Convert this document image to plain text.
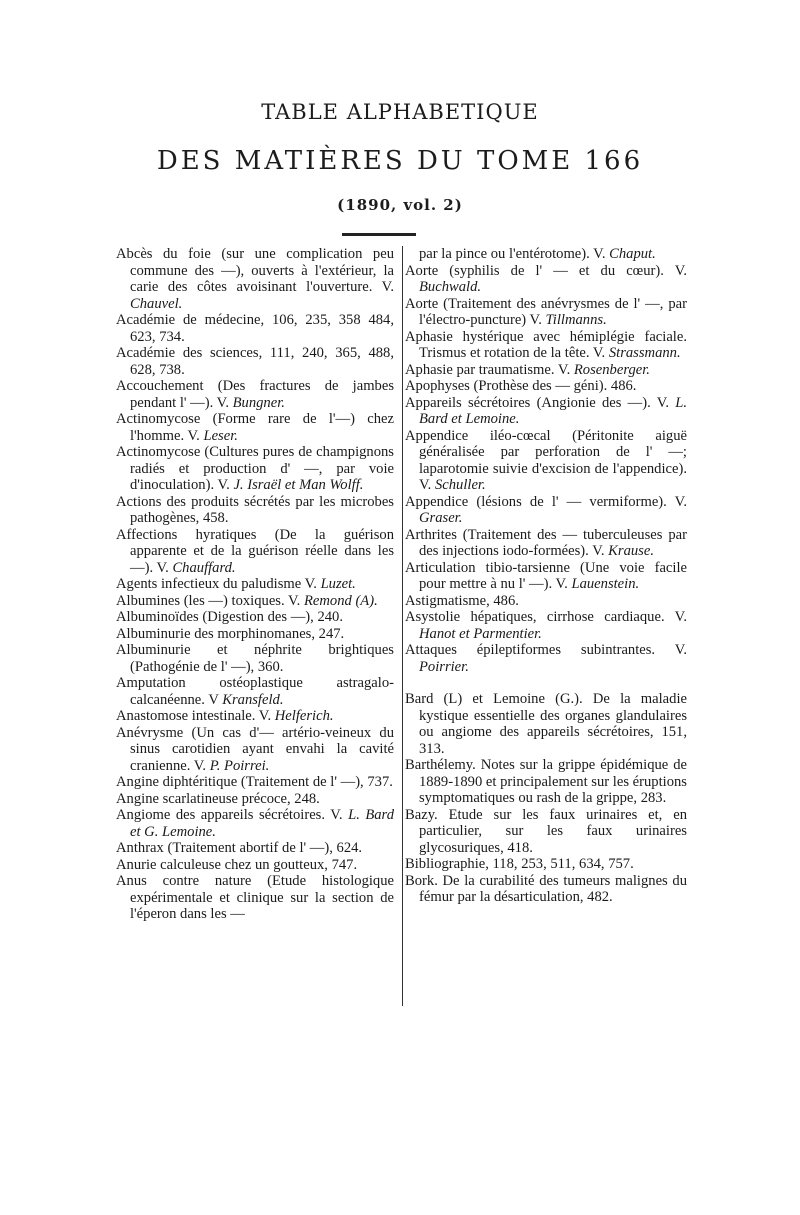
TABLE ALPHABETIQUE
DES MATIÈRES DU TOME 166
(1890, vol. 2)

Abcès du foie (sur une complication peu commune des —), ouverts à l'extérieur, la carie des côtes avoisinant l'ouverture. V. Chauvel.

Académie de médecine, 106, 235, 358 484, 623, 734.

Académie des sciences, 111, 240, 365, 488, 628, 738.

Accouchement (Des fractures de jambes pendant l' —). V. Bungner.

Actinomycose (Forme rare de l'—) chez l'homme. V. Leser.

Actinomycose (Cultures pures de champignons radiés et production d' —, par voie d'inoculation). V. J. Israël et Man Wolff.

Actions des produits sécrétés par les microbes pathogènes, 458.

Affections hyratiques (De la guérison apparente et de la guérison réelle dans les —). V. Chauffard.

Agents infectieux du paludisme V. Luzet.

Albumines (les —) toxiques. V. Remond (A).

Albuminoïdes (Digestion des —), 240.

Albuminurie des morphinomanes, 247.

Albuminurie et néphrite brightiques (Pathogénie de l' —), 360.

Amputation ostéoplastique astragalo-calcanéenne. V Kransfeld.

Anastomose intestinale. V. Helferich.

Anévrysme (Un cas d'— artério-veineux du sinus carotidien ayant envahi la cavité cranienne. V. P. Poirrei.

Angine diphtéritique (Traitement de l' —), 737.

Angine scarlatineuse précoce, 248.

Angiome des appareils sécrétoires. V. L. Bard et G. Lemoine.

Anthrax (Traitement abortif de l' —), 624.

Anurie calculeuse chez un goutteux, 747.

Anus contre nature (Etude histologique expérimentale et clinique sur la section de l'éperon dans les —

par la pince ou l'entérotome). V. Chaput.

Aorte (syphilis de l' — et du cœur). V. Buchwald.

Aorte (Traitement des anévrysmes de l' —, par l'électro-puncture) V. Tillmanns.

Aphasie hystérique avec hémiplégie faciale. Trismus et rotation de la tête. V. Strassmann.

Aphasie par traumatisme. V. Rosenberger.

Apophyses (Prothèse des — géni). 486.

Appareils sécrétoires (Angionie des —). V. L. Bard et Lemoine.

Appendice iléo-cœcal (Péritonite aiguë généralisée par perforation de l' —; laparotomie suivie d'excision de l'appendice). V. Schuller.

Appendice (lésions de l' — vermiforme). V. Graser.

Arthrites (Traitement des — tuberculeuses par des injections iodo-formées). V. Krause.

Articulation tibio-tarsienne (Une voie facile pour mettre à nu l' —). V. Lauenstein.

Astigmatisme, 486.

Asystolie hépatiques, cirrhose cardiaque. V. Hanot et Parmentier.

Attaques épileptiformes subintrantes. V. Poirrier.

Bard (L) et Lemoine (G.). De la maladie kystique essentielle des organes glandulaires ou angiome des appareils sécrétoires, 151, 313.

Barthélemy. Notes sur la grippe épidémique de 1889-1890 et principalement sur les éruptions symptomatiques ou rash de la grippe, 283.

Bazy. Etude sur les faux urinaires et, en particulier, sur les faux urinaires glycosuriques, 418.

Bibliographie, 118, 253, 511, 634, 757.

Bork. De la curabilité des tumeurs malignes du fémur par la désarticulation, 482.
